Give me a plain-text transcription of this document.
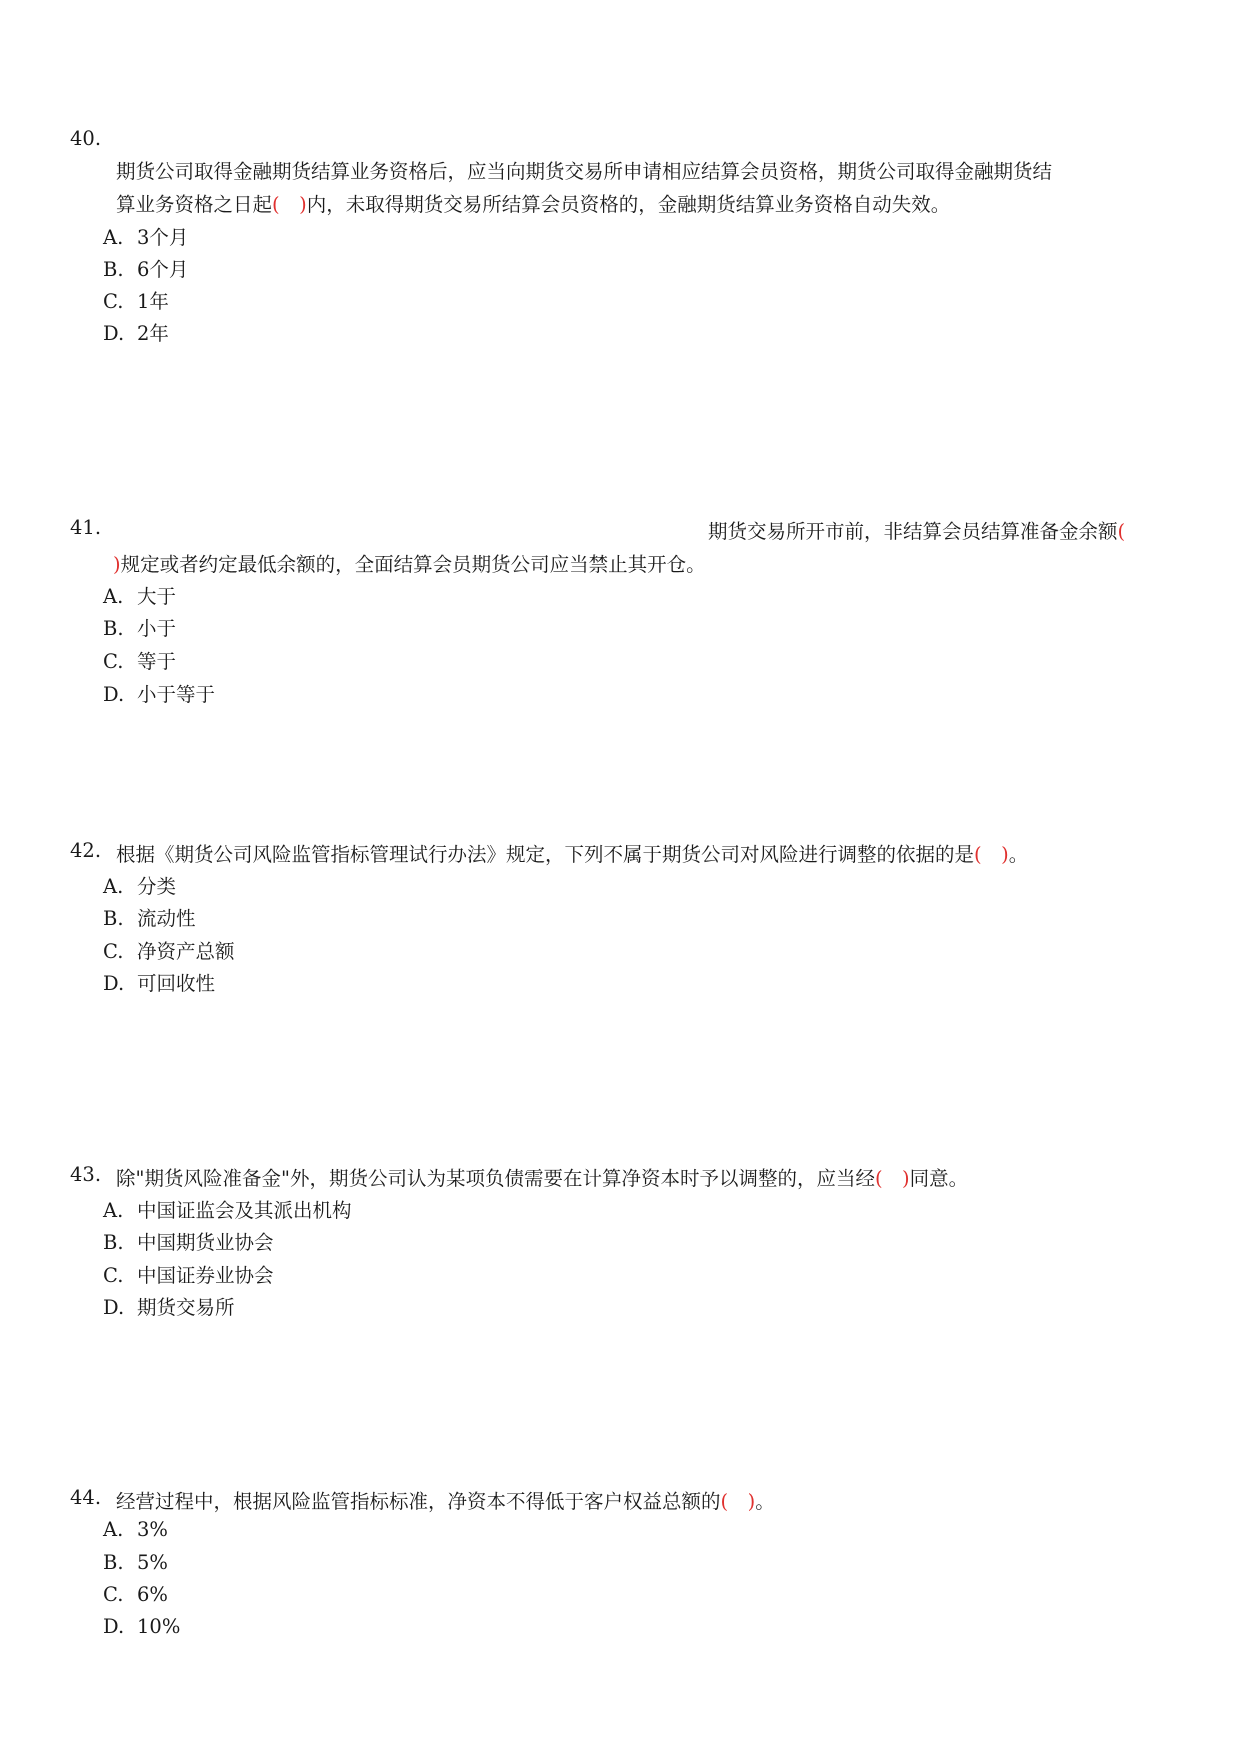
40.
期货公司取得金融期货结算业务资格后，应当向期货交易所申请相应结算会员资格，期货公司取得金融期货结
算业务资格之日起(　)内，未取得期货交易所结算会员资格的，金融期货结算业务资格自动失效。
A. 3个月
B. 6个月
C. 1年
D. 2年
41.	期货交易所开市前，非结算会员结算准备金余额(
)规定或者约定最低余额的，全面结算会员期货公司应当禁止其开仓。
A. 大于
B. 小于
C. 等于
D. 小于等于
42. 根据《期货公司风险监管指标管理试行办法》规定，下列不属于期货公司对风险进行调整的依据的是(　)。
A. 分类
B. 流动性
C. 净资产总额
D. 可回收性
43. 除"期货风险准备金"外，期货公司认为某项负债需要在计算净资本时予以调整的，应当经(　)同意。
A. 中国证监会及其派出机构
B. 中国期货业协会
C. 中国证券业协会
D. 期货交易所
44. 经营过程中，根据风险监管指标标准，净资本不得低于客户权益总额的(　)。
A. 3%
B. 5%
C. 6%
D. 10%
